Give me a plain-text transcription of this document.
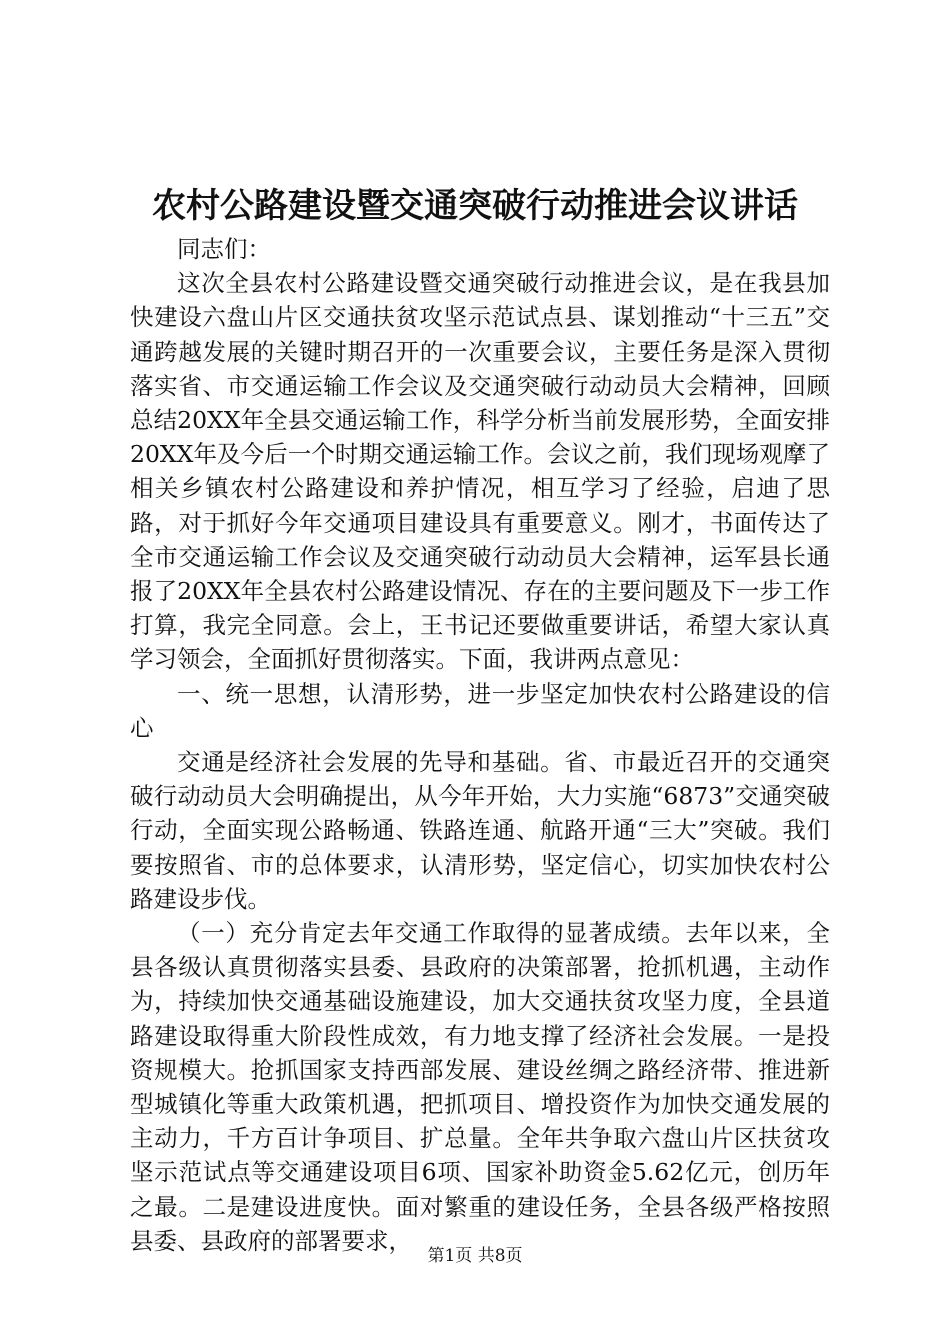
农村公路建设暨交通突破行动推进会议讲话

同志们：

这次全县农村公路建设暨交通突破行动推进会议，是在我县加快建设六盘山片区交通扶贫攻坚示范试点县、谋划推动“十三五”交通跨越发展的关键时期召开的一次重要会议，主要任务是深入贯彻落实省、市交通运输工作会议及交通突破行动动员大会精神，回顾总结20XX年全县交通运输工作，科学分析当前发展形势，全面安排20XX年及今后一个时期交通运输工作。会议之前，我们现场观摩了相关乡镇农村公路建设和养护情况，相互学习了经验，启迪了思路，对于抓好今年交通项目建设具有重要意义。刚才，书面传达了全市交通运输工作会议及交通突破行动动员大会精神，运军县长通报了20XX年全县农村公路建设情况、存在的主要问题及下一步工作打算，我完全同意。会上，王书记还要做重要讲话，希望大家认真学习领会，全面抓好贯彻落实。下面，我讲两点意见：

一、统一思想，认清形势，进一步坚定加快农村公路建设的信心

交通是经济社会发展的先导和基础。省、市最近召开的交通突破行动动员大会明确提出，从今年开始，大力实施“6873”交通突破行动，全面实现公路畅通、铁路连通、航路开通“三大”突破。我们要按照省、市的总体要求，认清形势，坚定信心，切实加快农村公路建设步伐。

（一）充分肯定去年交通工作取得的显著成绩。去年以来，全县各级认真贯彻落实县委、县政府的决策部署，抢抓机遇，主动作为，持续加快交通基础设施建设，加大交通扶贫攻坚力度，全县道路建设取得重大阶段性成效，有力地支撑了经济社会发展。一是投资规模大。抢抓国家支持西部发展、建设丝绸之路经济带、推进新型城镇化等重大政策机遇，把抓项目、增投资作为加快交通发展的主动力，千方百计争项目、扩总量。全年共争取六盘山片区扶贫攻坚示范试点等交通建设项目6项、国家补助资金5.62亿元，创历年之最。二是建设进度快。面对繁重的建设任务，全县各级严格按照县委、县政府的部署要求，

第1页 共8页
